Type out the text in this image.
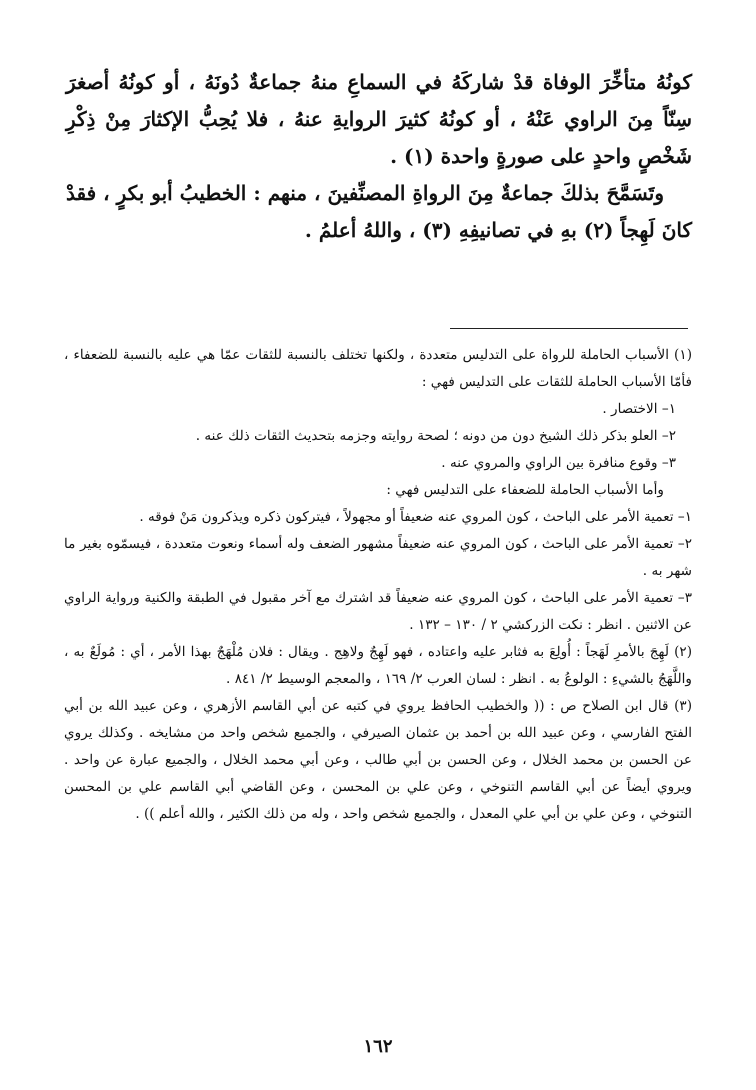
كونُهُ متأخِّرَ الوفاة قدْ شاركَهُ في السماعِ منهُ جماعةٌ دُونَهُ ، أو كونُهُ أصغرَ سِنّاً مِنَ الراوي عَنْهُ ، أو كونُهُ كثيرَ الروايةِ عنهُ ، فلا يُحِبُّ الإكثارَ مِنْ ذِكْرِ شَخْصٍ واحدٍ على صورةٍ واحدة (١) .

وتَسَمَّحَ بذلكَ جماعةٌ مِنَ الرواةِ المصنِّفينَ ، منهم : الخطيبُ أبو بكرٍ ، فقدْ كانَ لَهِجاً (٢) بهِ في تصانيفِهِ (٣) ، واللهُ أعلمُ .

(١) الأسباب الحاملة للرواة على التدليس متعددة ، ولكنها تختلف بالنسبة للثقات عمّا هي عليه بالنسبة للضعفاء ، فأمّا الأسباب الحاملة للثقات على التدليس فهي :

١– الاختصار .

٢– العلو بذكر ذلك الشيخ دون من دونه ؛ لصحة روايته وجزمه بتحديث الثقات ذلك عنه .

٣– وقوع منافرة بين الراوي والمروي عنه .

وأما الأسباب الحاملة للضعفاء على التدليس فهي :

١– تعمية الأمر على الباحث ، كون المروي عنه ضعيفاً أو مجهولاً ، فيتركون ذكره ويذكرون مَنْ فوقه .

٢– تعمية الأمر على الباحث ، كون المروي عنه ضعيفاً مشهور الضعف وله أسماء ونعوت متعددة ، فيسمّوه بغير ما شهر به .

٣– تعمية الأمر على الباحث ، كون المروي عنه ضعيفاً قد اشترك مع آخر مقبول في الطبقة والكنية ورواية الراوي عن الاثنين . انظر : نكت الزركشي ٢ / ١٣٠ – ١٣٢ .

(٢) لَهِجَ بالأمرِ لَهَجاً : أُولِعَ به فثابر عليه واعتاده ، فهو لَهِجٌ ولاهِج . ويقال : فلان مُلْهَجٌ بهذا الأمر ، أي : مُولَعٌ به ، واللَّهَجُ بالشيءِ : الولوعُ به . انظر : لسان العرب ٢/ ١٦٩ ، والمعجم الوسيط ٢/ ٨٤١ .

(٣) قال ابن الصلاح ص : (( والخطيب الحافظ يروي في كتبه عن أبي القاسم الأزهري ، وعن عبيد الله بن أبي الفتح الفارسي ، وعن عبيد الله بن أحمد بن عثمان الصيرفي ، والجميع شخص واحد من مشايخه . وكذلك يروي عن الحسن بن محمد الخلال ، وعن الحسن بن أبي طالب ، وعن أبي محمد الخلال ، والجميع عبارة عن واحد . ويروي أيضاً عن أبي القاسم التنوخي ، وعن علي بن المحسن ، وعن القاضي أبي القاسم علي بن المحسن التنوخي ، وعن علي بن أبي علي المعدل ، والجميع شخص واحد ، وله من ذلك الكثير ، والله أعلم )) .

١٦٢
